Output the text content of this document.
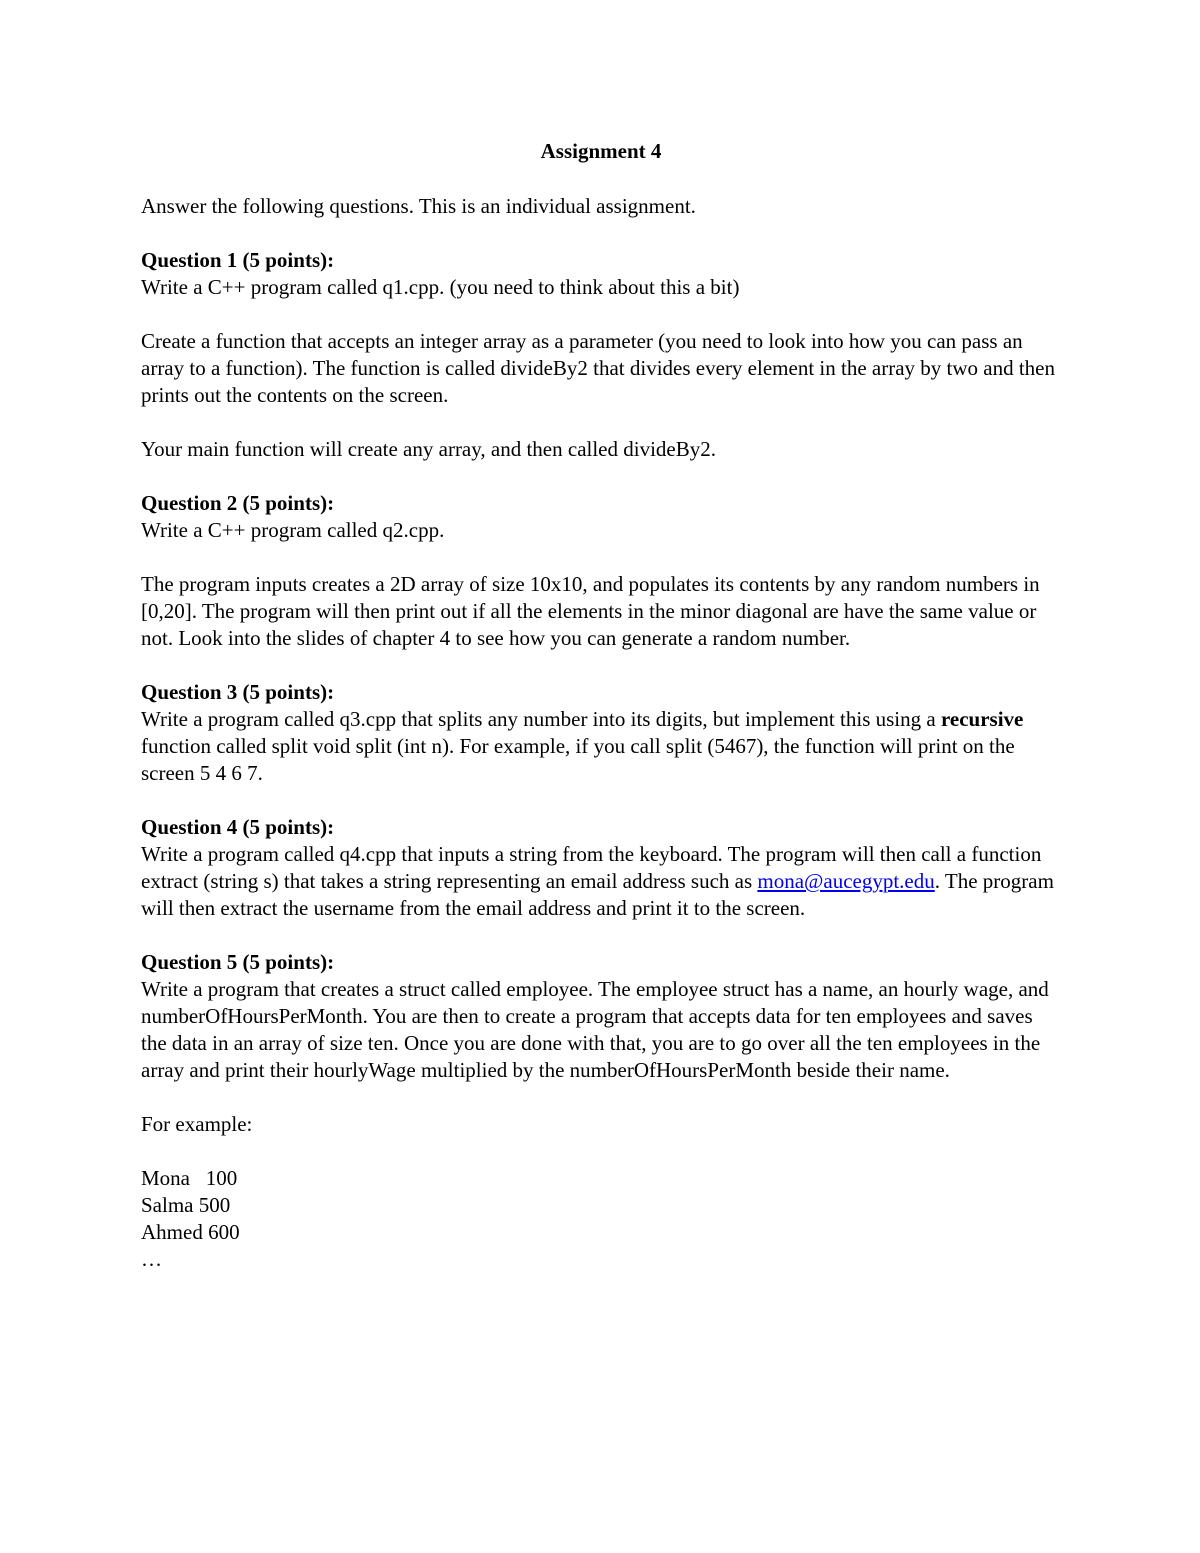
Assignment 4

Answer the following questions. This is an individual assignment.

Question 1 (5 points):
Write a C++ program called q1.cpp. (you need to think about this a bit)

Create a function that accepts an integer array as a parameter (you need to look into how you can pass an array to a function). The function is called divideBy2 that divides every element in the array by two and then prints out the contents on the screen.

Your main function will create any array, and then called divideBy2.

Question 2 (5 points):
Write a C++ program called q2.cpp.

The program inputs creates a 2D array of size 10x10, and populates its contents by any random numbers in [0,20]. The program will then print out if all the elements in the minor diagonal are have the same value or not. Look into the slides of chapter 4 to see how you can generate a random number.

Question 3 (5 points):
Write a program called q3.cpp that splits any number into its digits, but implement this using a recursive function called split void split (int n). For example, if you call split (5467), the function will print on the screen 5 4 6 7.

Question 4 (5 points):
Write a program called q4.cpp that inputs a string from the keyboard. The program will then call a function extract (string s) that takes a string representing an email address such as mona@aucegypt.edu. The program will then extract the username from the email address and print it to the screen.

Question 5 (5 points):
Write a program that creates a struct called employee. The employee struct has a name, an hourly wage, and numberOfHoursPerMonth. You are then to create a program that accepts data for ten employees and saves the data in an array of size ten. Once you are done with that, you are to go over all the ten employees in the array and print their hourlyWage multiplied by the numberOfHoursPerMonth beside their name.

For example:

Mona   100
Salma 500
Ahmed 600
…
